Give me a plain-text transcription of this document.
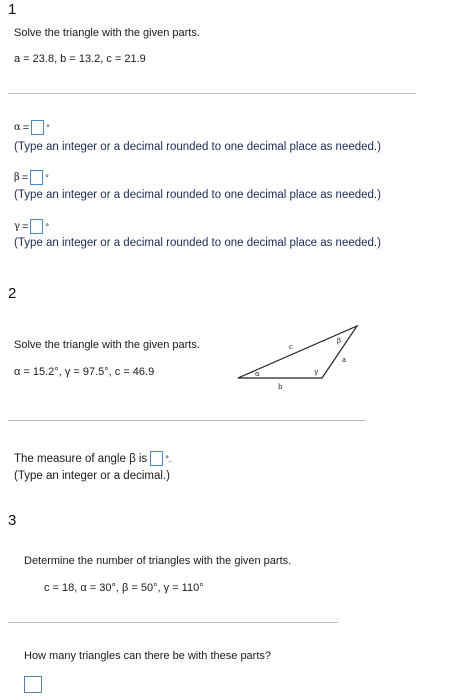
1
Solve the triangle with the given parts.
a = 23.8, b = 13.2, c = 21.9
α = °
(Type an integer or a decimal rounded to one decimal place as needed.)
β = °
(Type an integer or a decimal rounded to one decimal place as needed.)
γ = °
(Type an integer or a decimal rounded to one decimal place as needed.)
2
Solve the triangle with the given parts.
α = 15.2°, γ = 97.5°, c = 46.9
c
β
a
γ
α
b
The measure of angle β is °.
(Type an integer or a decimal.)
3
Determine the number of triangles with the given parts.
c = 18, α = 30°, β = 50°, γ = 110°
How many triangles can there be with these parts?
